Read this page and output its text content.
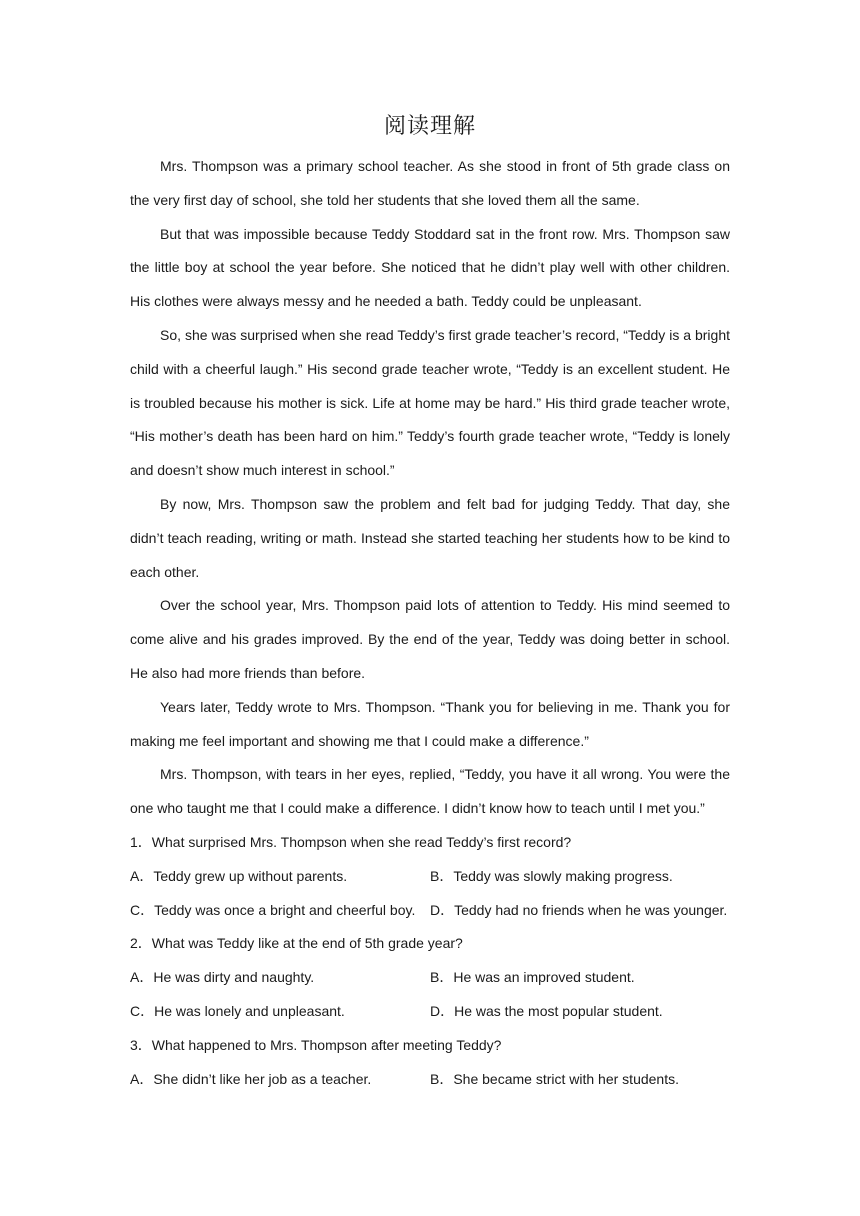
阅读理解

Mrs. Thompson was a primary school teacher. As she stood in front of 5th grade class on the very first day of school, she told her students that she loved them all the same.

But that was impossible because Teddy Stoddard sat in the front row. Mrs. Thompson saw the little boy at school the year before. She noticed that he didn’t play well with other children. His clothes were always messy and he needed a bath. Teddy could be unpleasant.

So, she was surprised when she read Teddy’s first grade teacher’s record, “Teddy is a bright child with a cheerful laugh.” His second grade teacher wrote, “Teddy is an excellent student. He is troubled because his mother is sick. Life at home may be hard.” His third grade teacher wrote, “His mother’s death has been hard on him.” Teddy’s fourth grade teacher wrote, “Teddy is lonely and doesn’t show much interest in school.”

By now, Mrs. Thompson saw the problem and felt bad for judging Teddy. That day, she didn’t teach reading, writing or math. Instead she started teaching her students how to be kind to each other.

Over the school year, Mrs. Thompson paid lots of attention to Teddy. His mind seemed to come alive and his grades improved. By the end of the year, Teddy was doing better in school. He also had more friends than before.

Years later, Teddy wrote to Mrs. Thompson. “Thank you for believing in me. Thank you for making me feel important and showing me that I could make a difference.”

Mrs. Thompson, with tears in her eyes, replied, “Teddy, you have it all wrong. You were the one who taught me that I could make a difference. I didn’t know how to teach until I met you.”

1．What surprised Mrs. Thompson when she read Teddy’s first record?

A．Teddy grew up without parents.	B．Teddy was slowly making progress.
C．Teddy was once a bright and cheerful boy.	D．Teddy had no friends when he was younger.

2．What was Teddy like at the end of 5th grade year?

A．He was dirty and naughty.	B．He was an improved student.
C．He was lonely and unpleasant.	D．He was the most popular student.

3．What happened to Mrs. Thompson after meeting Teddy?

A．She didn’t like her job as a teacher.	B．She became strict with her students.
